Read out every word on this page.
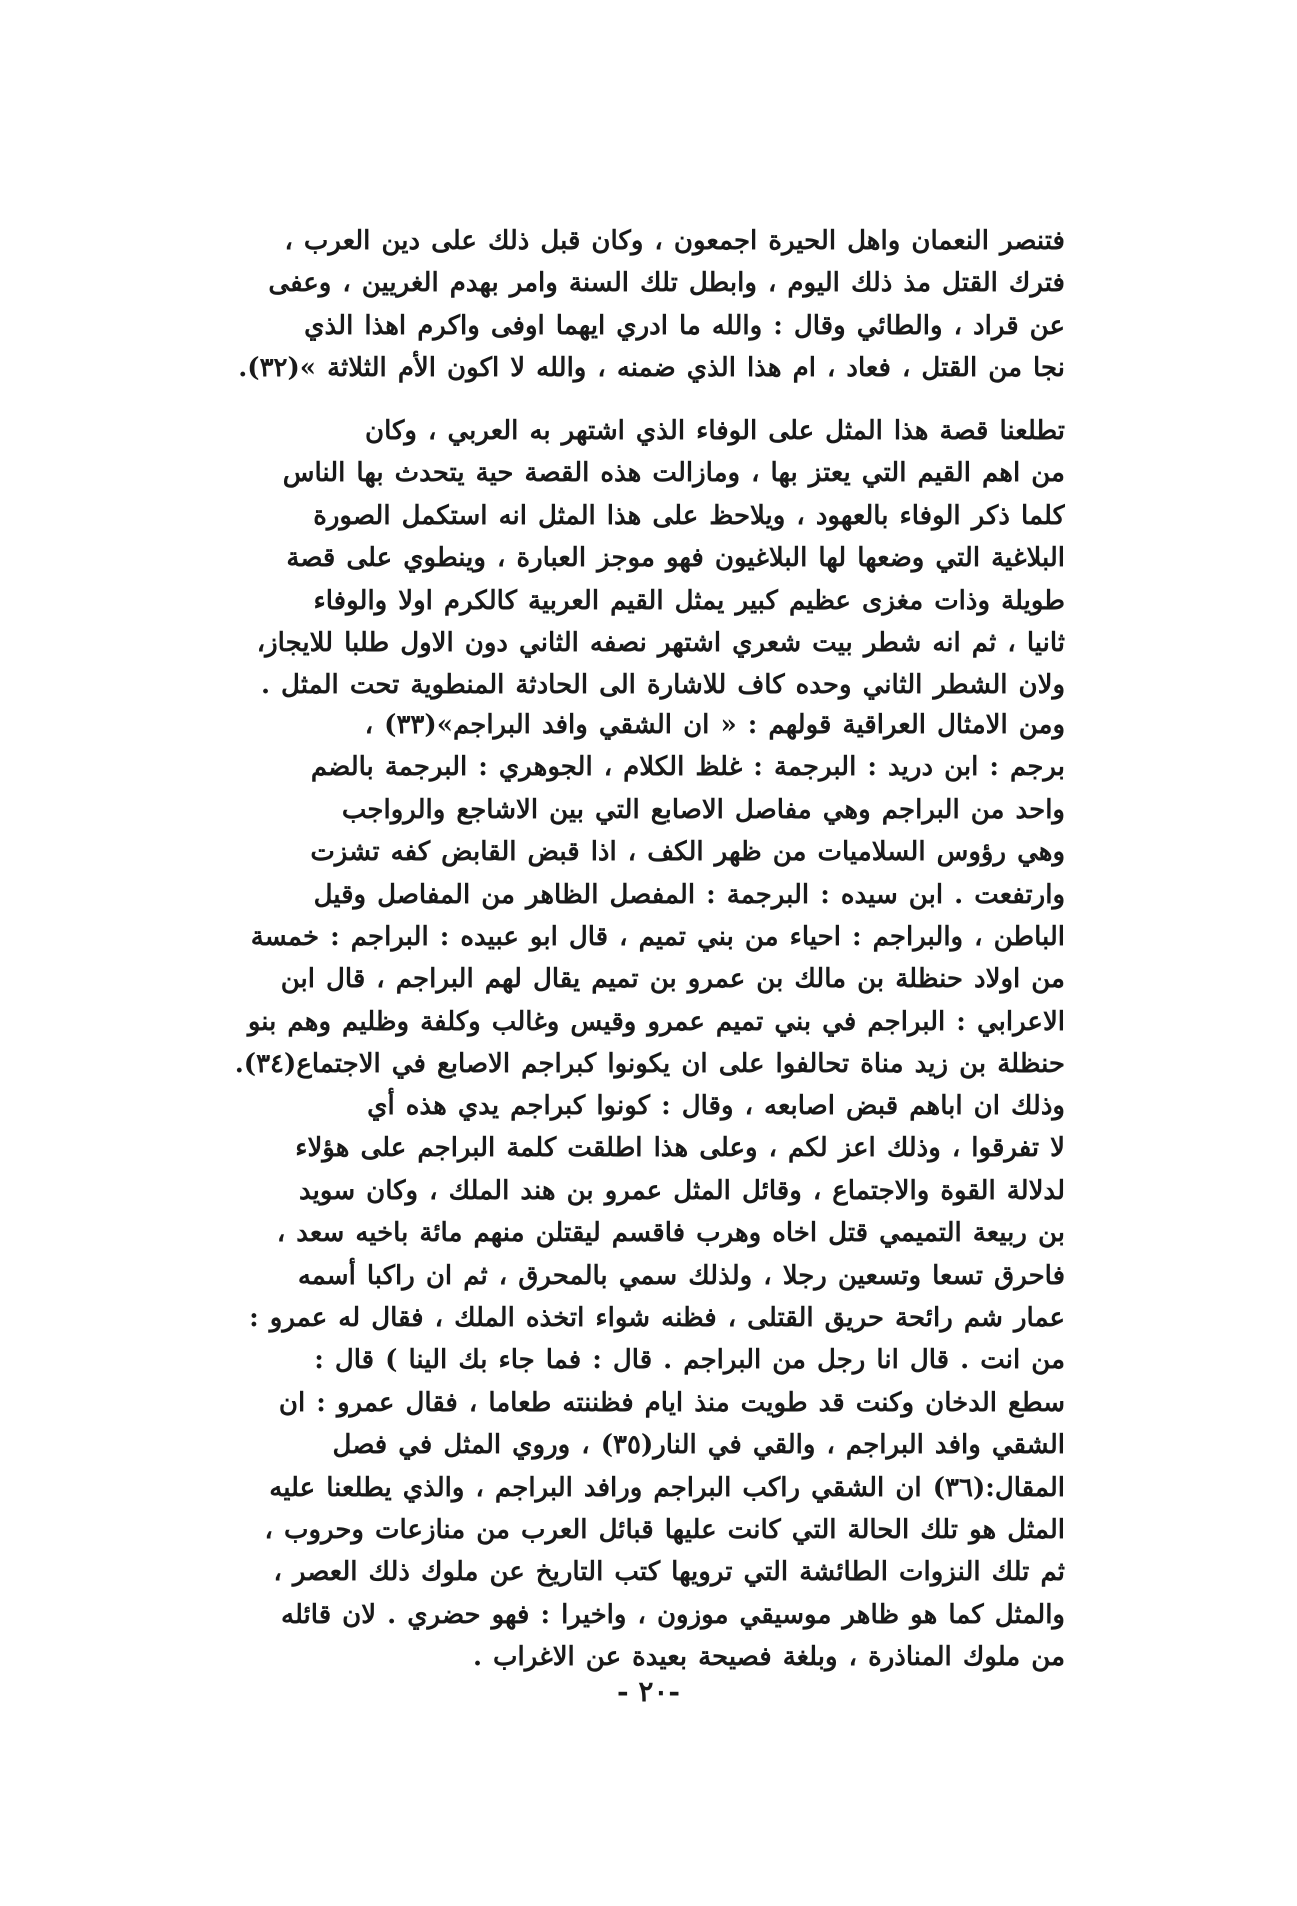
فتنصر النعمان واهل الحيرة اجمعون ، وكان قبل ذلك على دين العرب ،
فترك القتل مذ ذلك اليوم ، وابطل تلك السنة وامر بهدم الغريين ، وعفى
عن قراد ، والطائي وقال : والله ما ادري ايهما اوفى واكرم اهذا الذي
نجا من القتل ، فعاد ، ام هذا الذي ضمنه ، والله لا اكون الأم الثلاثة »(٣٢).
تطلعنا قصة هذا المثل على الوفاء الذي اشتهر به العربي ، وكان
من اهم القيم التي يعتز بها ، ومازالت هذه القصة حية يتحدث بها الناس
كلما ذكر الوفاء بالعهود ، ويلاحظ على هذا المثل انه استكمل الصورة
البلاغية التي وضعها لها البلاغيون فهو موجز العبارة ، وينطوي على قصة
طويلة وذات مغزى عظيم كبير يمثل القيم العربية كالكرم اولا والوفاء
ثانيا ، ثم انه شطر بيت شعري اشتهر نصفه الثاني دون الاول طلبا للايجاز،
ولان الشطر الثاني وحده كاف للاشارة الى الحادثة المنطوية تحت المثل .
ومن الامثال العراقية قولهم : « ان الشقي وافد البراجم»(٣٣) ،
برجم : ابن دريد : البرجمة : غلظ الكلام ، الجوهري : البرجمة بالضم
واحد من البراجم وهي مفاصل الاصابع التي بين الاشاجع والرواجب
وهي رؤوس السلاميات من ظهر الكف ، اذا قبض القابض كفه تشزت
وارتفعت . ابن سيده : البرجمة : المفصل الظاهر من المفاصل وقيل
الباطن ، والبراجم : احياء من بني تميم ، قال ابو عبيده : البراجم : خمسة
من اولاد حنظلة بن مالك بن عمرو بن تميم يقال لهم البراجم ، قال ابن
الاعرابي : البراجم في بني تميم عمرو وقيس وغالب وكلفة وظليم وهم بنو
حنظلة بن زيد مناة تحالفوا على ان يكونوا كبراجم الاصابع في الاجتماع(٣٤).
وذلك ان اباهم قبض اصابعه ، وقال : كونوا كبراجم يدي هذه أي
لا تفرقوا ، وذلك اعز لكم ، وعلى هذا اطلقت كلمة البراجم على هؤلاء
لدلالة القوة والاجتماع ، وقائل المثل عمرو بن هند الملك ، وكان سويد
بن ربيعة التميمي قتل اخاه وهرب فاقسم ليقتلن منهم مائة باخيه سعد ،
فاحرق تسعا وتسعين رجلا ، ولذلك سمي بالمحرق ، ثم ان راكبا أسمه
عمار شم رائحة حريق القتلى ، فظنه شواء اتخذه الملك ، فقال له عمرو :
من انت . قال انا رجل من البراجم . قال : فما جاء بك الينا ) قال :
سطع الدخان وكنت قد طويت منذ ايام فظننته طعاما ، فقال عمرو : ان
الشقي وافد البراجم ، والقي في النار(٣٥) ، وروي المثل في فصل
المقال:(٣٦) ان الشقي راكب البراجم ورافد البراجم ، والذي يطلعنا عليه
المثل هو تلك الحالة التي كانت عليها قبائل العرب من منازعات وحروب ،
ثم تلك النزوات الطائشة التي ترويها كتب التاريخ عن ملوك ذلك العصر ،
والمثل كما هو ظاهر موسيقي موزون ، واخيرا : فهو حضري . لان قائله
من ملوك المناذرة ، وبلغة فصيحة بعيدة عن الاغراب .
-٢٠ -
